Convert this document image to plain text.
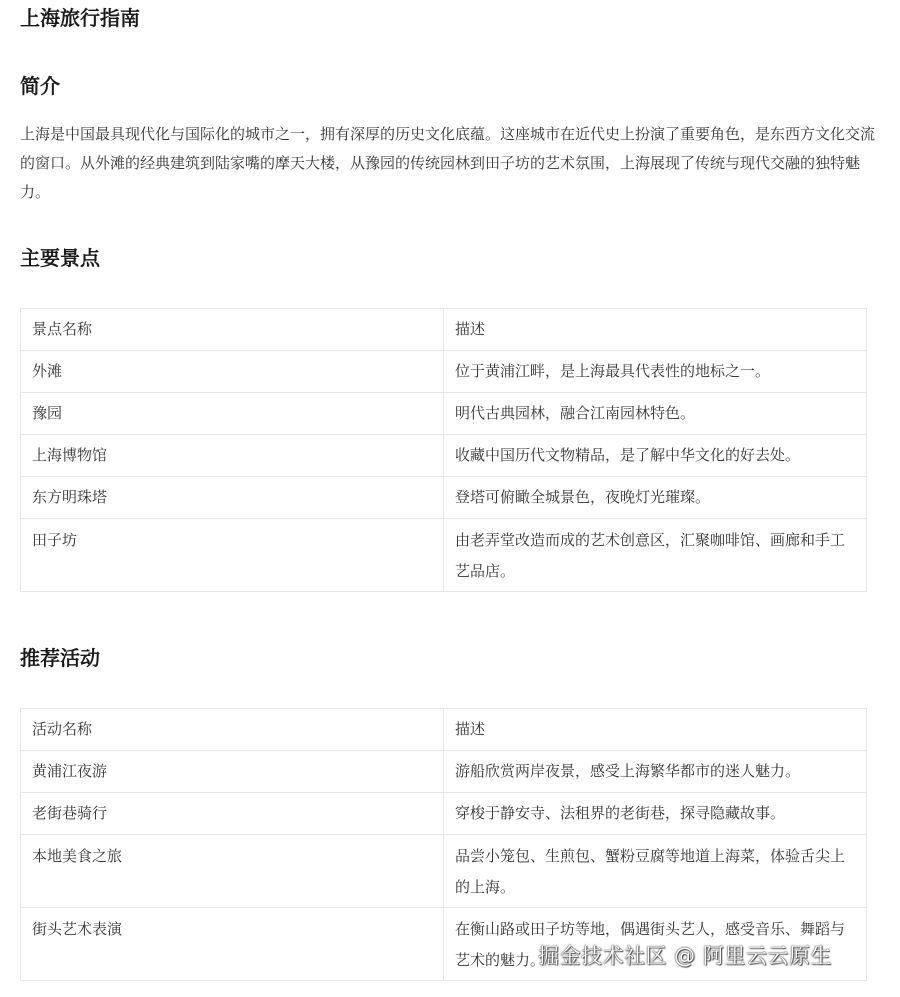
上海旅行指南
简介
上海是中国最具现代化与国际化的城市之一，拥有深厚的历史文化底蕴。这座城市在近代史上扮演了重要角色，是东西方文化交流的窗口。从外滩的经典建筑到陆家嘴的摩天大楼，从豫园的传统园林到田子坊的艺术氛围，上海展现了传统与现代交融的独特魅力。
主要景点
景点名称	描述
外滩	位于黄浦江畔，是上海最具代表性的地标之一。
豫园	明代古典园林，融合江南园林特色。
上海博物馆	收藏中国历代文物精品，是了解中华文化的好去处。
东方明珠塔	登塔可俯瞰全城景色，夜晚灯光璀璨。
田子坊	由老弄堂改造而成的艺术创意区，汇聚咖啡馆、画廊和手工艺品店。
推荐活动
活动名称	描述
黄浦江夜游	游船欣赏两岸夜景，感受上海繁华都市的迷人魅力。
老街巷骑行	穿梭于静安寺、法租界的老街巷，探寻隐藏故事。
本地美食之旅	品尝小笼包、生煎包、蟹粉豆腐等地道上海菜，体验舌尖上的上海。
街头艺术表演	在衡山路或田子坊等地，偶遇街头艺人，感受音乐、舞蹈与艺术的魅力。
掘金技术社区 @ 阿里云云原生
